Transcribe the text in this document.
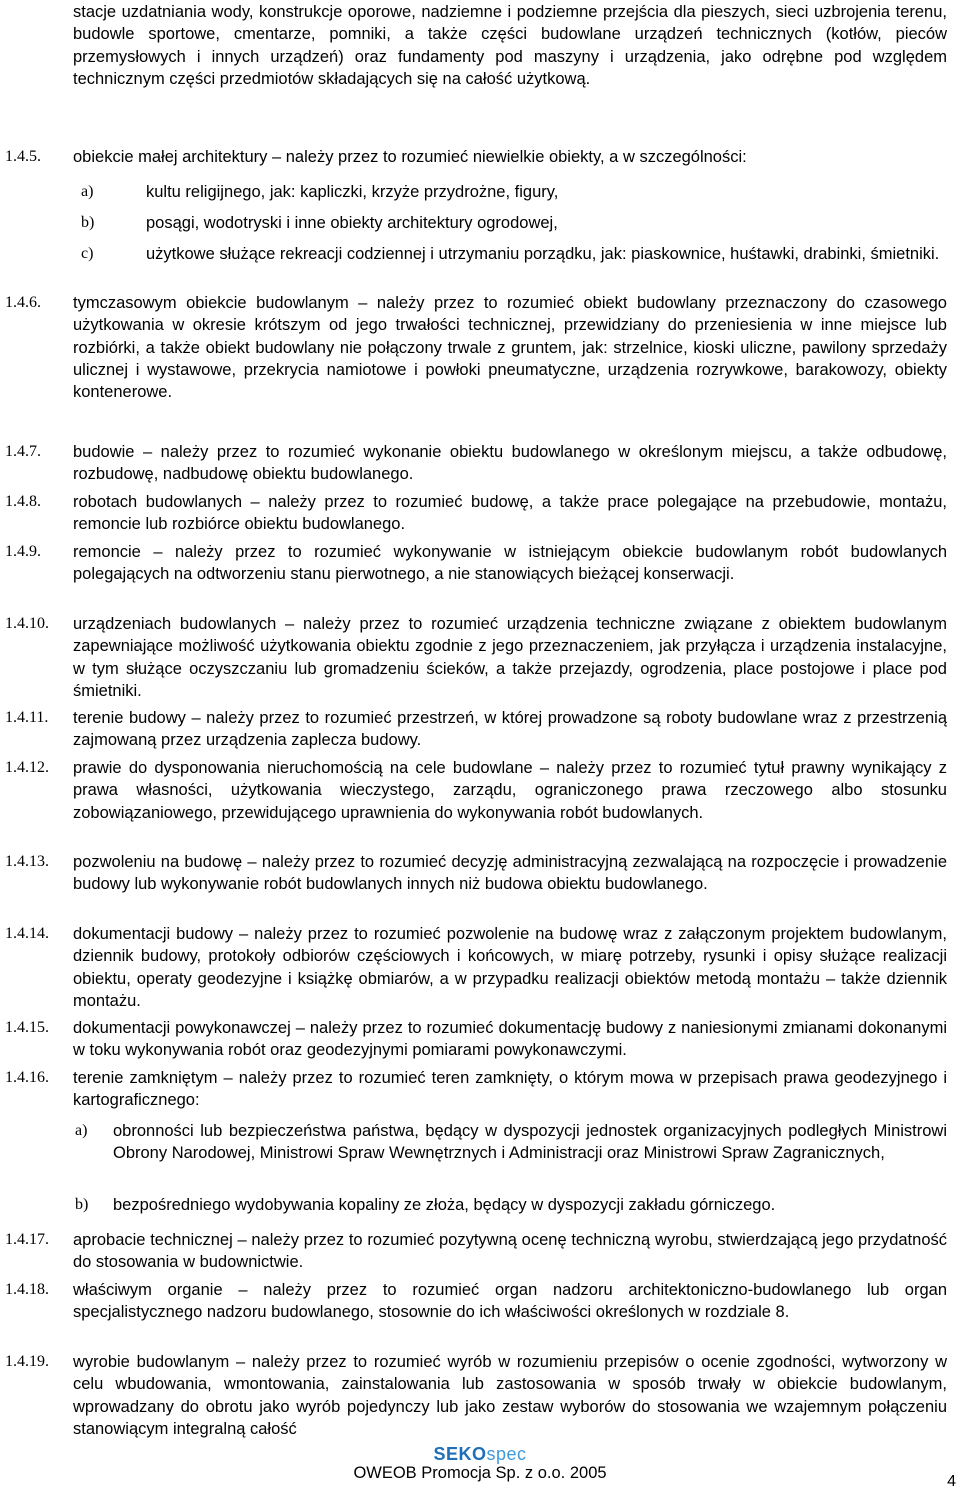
stacje uzdatniania wody, konstrukcje oporowe, nadziemne i podziemne przejścia dla pieszych, sieci uzbrojenia terenu, budowle sportowe, cmentarze, pomniki, a także części budowlane urządzeń technicznych (kotłów, pieców przemysłowych i innych urządzeń) oraz fundamenty pod maszyny i urządzenia, jako odrębne pod względem technicznym części przedmiotów składających się na całość użytkową.
1.4.5.	obiekcie małej architektury – należy przez to rozumieć niewielkie obiekty, a w szczególności:
a)	kultu religijnego, jak: kapliczki, krzyże przydrożne, figury,
b)	posągi, wodotryski i inne obiekty architektury ogrodowej,
c)	użytkowe służące rekreacji codziennej i utrzymaniu porządku, jak: piaskownice, huśtawki, drabinki, śmietniki.
1.4.6.	tymczasowym obiekcie budowlanym – należy przez to rozumieć obiekt budowlany przeznaczony do czasowego użytkowania w okresie krótszym od jego trwałości technicznej, przewidziany do przeniesienia w inne miejsce lub rozbiórki, a także obiekt budowlany nie połączony trwale z gruntem, jak: strzelnice, kioski uliczne, pawilony sprzedaży ulicznej i wystawowe, przekrycia namiotowe i powłoki pneumatyczne, urządzenia rozrywkowe, barakowozy, obiekty kontenerowe.
1.4.7.	budowie – należy przez to rozumieć wykonanie obiektu budowlanego w określonym miejscu, a także odbudowę, rozbudowę, nadbudowę obiektu budowlanego.
1.4.8.	robotach budowlanych – należy przez to rozumieć budowę, a także prace polegające na przebudowie, montażu, remoncie lub rozbiórce obiektu budowlanego.
1.4.9.	remoncie – należy przez to rozumieć wykonywanie w istniejącym obiekcie budowlanym robót budowlanych polegających na odtworzeniu stanu pierwotnego, a nie stanowiących bieżącej konserwacji.
1.4.10.	urządzeniach budowlanych – należy przez to rozumieć urządzenia techniczne związane z obiektem budowlanym zapewniające możliwość użytkowania obiektu zgodnie z jego przeznaczeniem, jak przyłącza i urządzenia instalacyjne, w tym służące oczyszczaniu lub gromadzeniu ścieków, a także przejazdy, ogrodzenia, place postojowe i place pod śmietniki.
1.4.11.	terenie budowy – należy przez to rozumieć przestrzeń, w której prowadzone są roboty budowlane wraz z przestrzenią zajmowaną przez urządzenia zaplecza budowy.
1.4.12.	prawie do dysponowania nieruchomością na cele budowlane – należy przez to rozumieć tytuł prawny wynikający z prawa własności, użytkowania wieczystego, zarządu, ograniczonego prawa rzeczowego albo stosunku zobowiązaniowego, przewidującego uprawnienia do wykonywania robót budowlanych.
1.4.13.	pozwoleniu na budowę – należy przez to rozumieć decyzję administracyjną zezwalającą na rozpoczęcie i prowadzenie budowy lub wykonywanie robót budowlanych innych niż budowa obiektu budowlanego.
1.4.14.	dokumentacji budowy – należy przez to rozumieć pozwolenie na budowę wraz z załączonym projektem budowlanym, dziennik budowy, protokoły odbiorów częściowych i końcowych, w miarę potrzeby, rysunki i opisy służące realizacji obiektu, operaty geodezyjne i książkę obmiarów, a w przypadku realizacji obiektów metodą montażu – także dziennik montażu.
1.4.15.	dokumentacji powykonawczej – należy przez to rozumieć dokumentację budowy z naniesionymi zmianami dokonanymi w toku wykonywania robót oraz geodezyjnymi pomiarami powykonawczymi.
1.4.16.	terenie zamkniętym – należy przez to rozumieć teren zamknięty, o którym mowa w przepisach prawa geodezyjnego i kartograficznego:
a) obronności lub bezpieczeństwa państwa, będący w dyspozycji jednostek organizacyjnych podległych Ministrowi Obrony Narodowej, Ministrowi Spraw Wewnętrznych i Administracji oraz Ministrowi Spraw Zagranicznych,
b) bezpośredniego wydobywania kopaliny ze złoża, będący w dyspozycji zakładu górniczego.
1.4.17.	aprobacie technicznej – należy przez to rozumieć pozytywną ocenę techniczną wyrobu, stwierdzającą jego przydatność do stosowania w budownictwie.
1.4.18.	właściwym organie – należy przez to rozumieć organ nadzoru architektoniczno-budowlanego lub organ specjalistycznego nadzoru budowlanego, stosownie do ich właściwości określonych w rozdziale 8.
1.4.19.	wyrobie budowlanym – należy przez to rozumieć wyrób w rozumieniu przepisów o ocenie zgodności, wytworzony w celu wbudowania, wmontowania, zainstalowania lub zastosowania w sposób trwały w obiekcie budowlanym, wprowadzany do obrotu jako wyrób pojedynczy lub jako zestaw wyborów do stosowania we wzajemnym połączeniu stanowiącym integralną całość
SEKOspec
OWEOB Promocja Sp. z o.o. 2005	4
